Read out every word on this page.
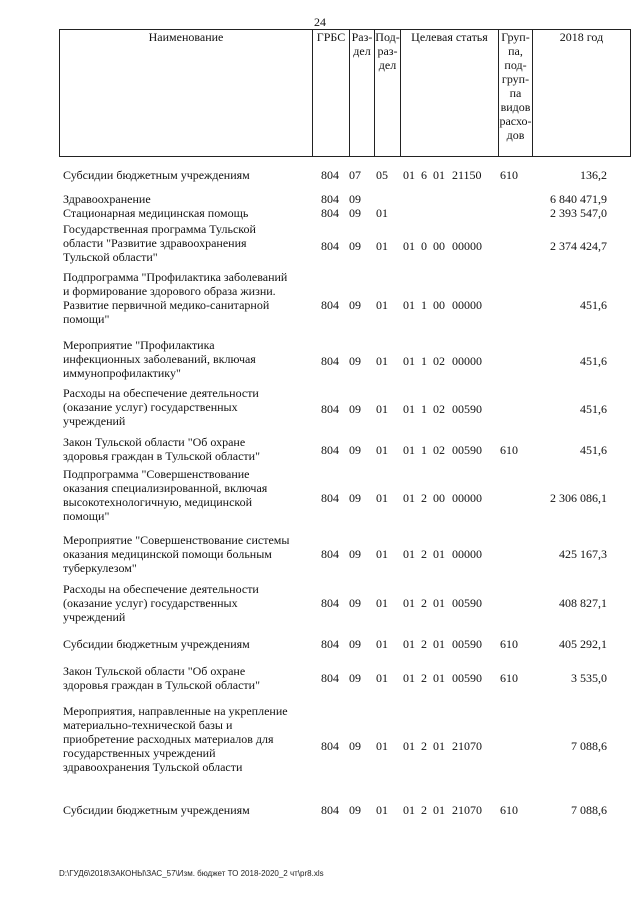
24
Наименование	ГРБС	Раз-
дел

Под-
раз-
дел
	Целевая статья	Груп-
па,
под-
груп-
па
видов
расхо-
дов
	2018 год
Субсидии бюджетным учреждениям	804 07 05 01 6 01 21150 610	136,2
Здравоохранение	804 09	6 840 471,9
Стационарная медицинская помощь	804 09 01	2 393 547,0
Государственная программа Тульской
области "Развитие здравоохранения
Тульской области"
804 09 01 01 0 00 00000	2 374 424,7
Подпрограмма "Профилактика заболеваний
и формирование здорового образа жизни.
Развитие первичной медико-санитарной
помощи"
804 09 01 01 1 00 00000	451,6
Мероприятие "Профилактика
инфекционных заболеваний, включая
иммунопрофилактику"
804 09 01 01 1 02 00000	451,6
Расходы на обеспечение деятельности
(оказание услуг) государственных
учреждений
804 09 01 01 1 02 00590	451,6
Закон Тульской области "Об охране
здоровья граждан в Тульской области"	804 09 01 01 1 02 00590 610	451,6
Подпрограмма "Совершенствование
оказания специализированной, включая
высокотехнологичную, медицинской
помощи"
804 09 01 01 2 00 00000	2 306 086,1
Мероприятие "Совершенствование системы
оказания медицинской помощи больным
туберкулезом"
804 09 01 01 2 01 00000	425 167,3
Расходы на обеспечение деятельности
(оказание услуг) государственных
учреждений
804 09 01 01 2 01 00590	408 827,1
Субсидии бюджетным учреждениям	804 09 01 01 2 01 00590 610	405 292,1
Закон Тульской области "Об охране
здоровья граждан в Тульской области"	804 09 01 01 2 01 00590 610	3 535,0
Мероприятия, направленные на укрепление
материально-технической базы и
приобретение расходных материалов для
государственных учреждений
здравоохранения Тульской области
804 09 01 01 2 01 21070	7 088,6
Субсидии бюджетным учреждениям	804 09 01 01 2 01 21070 610	7 088,6
D:\ГУД6\2018\ЗАКОНЫ\ЗАС_57\Изм. бюджет ТО 2018-2020_2 чт\pr8.xls
